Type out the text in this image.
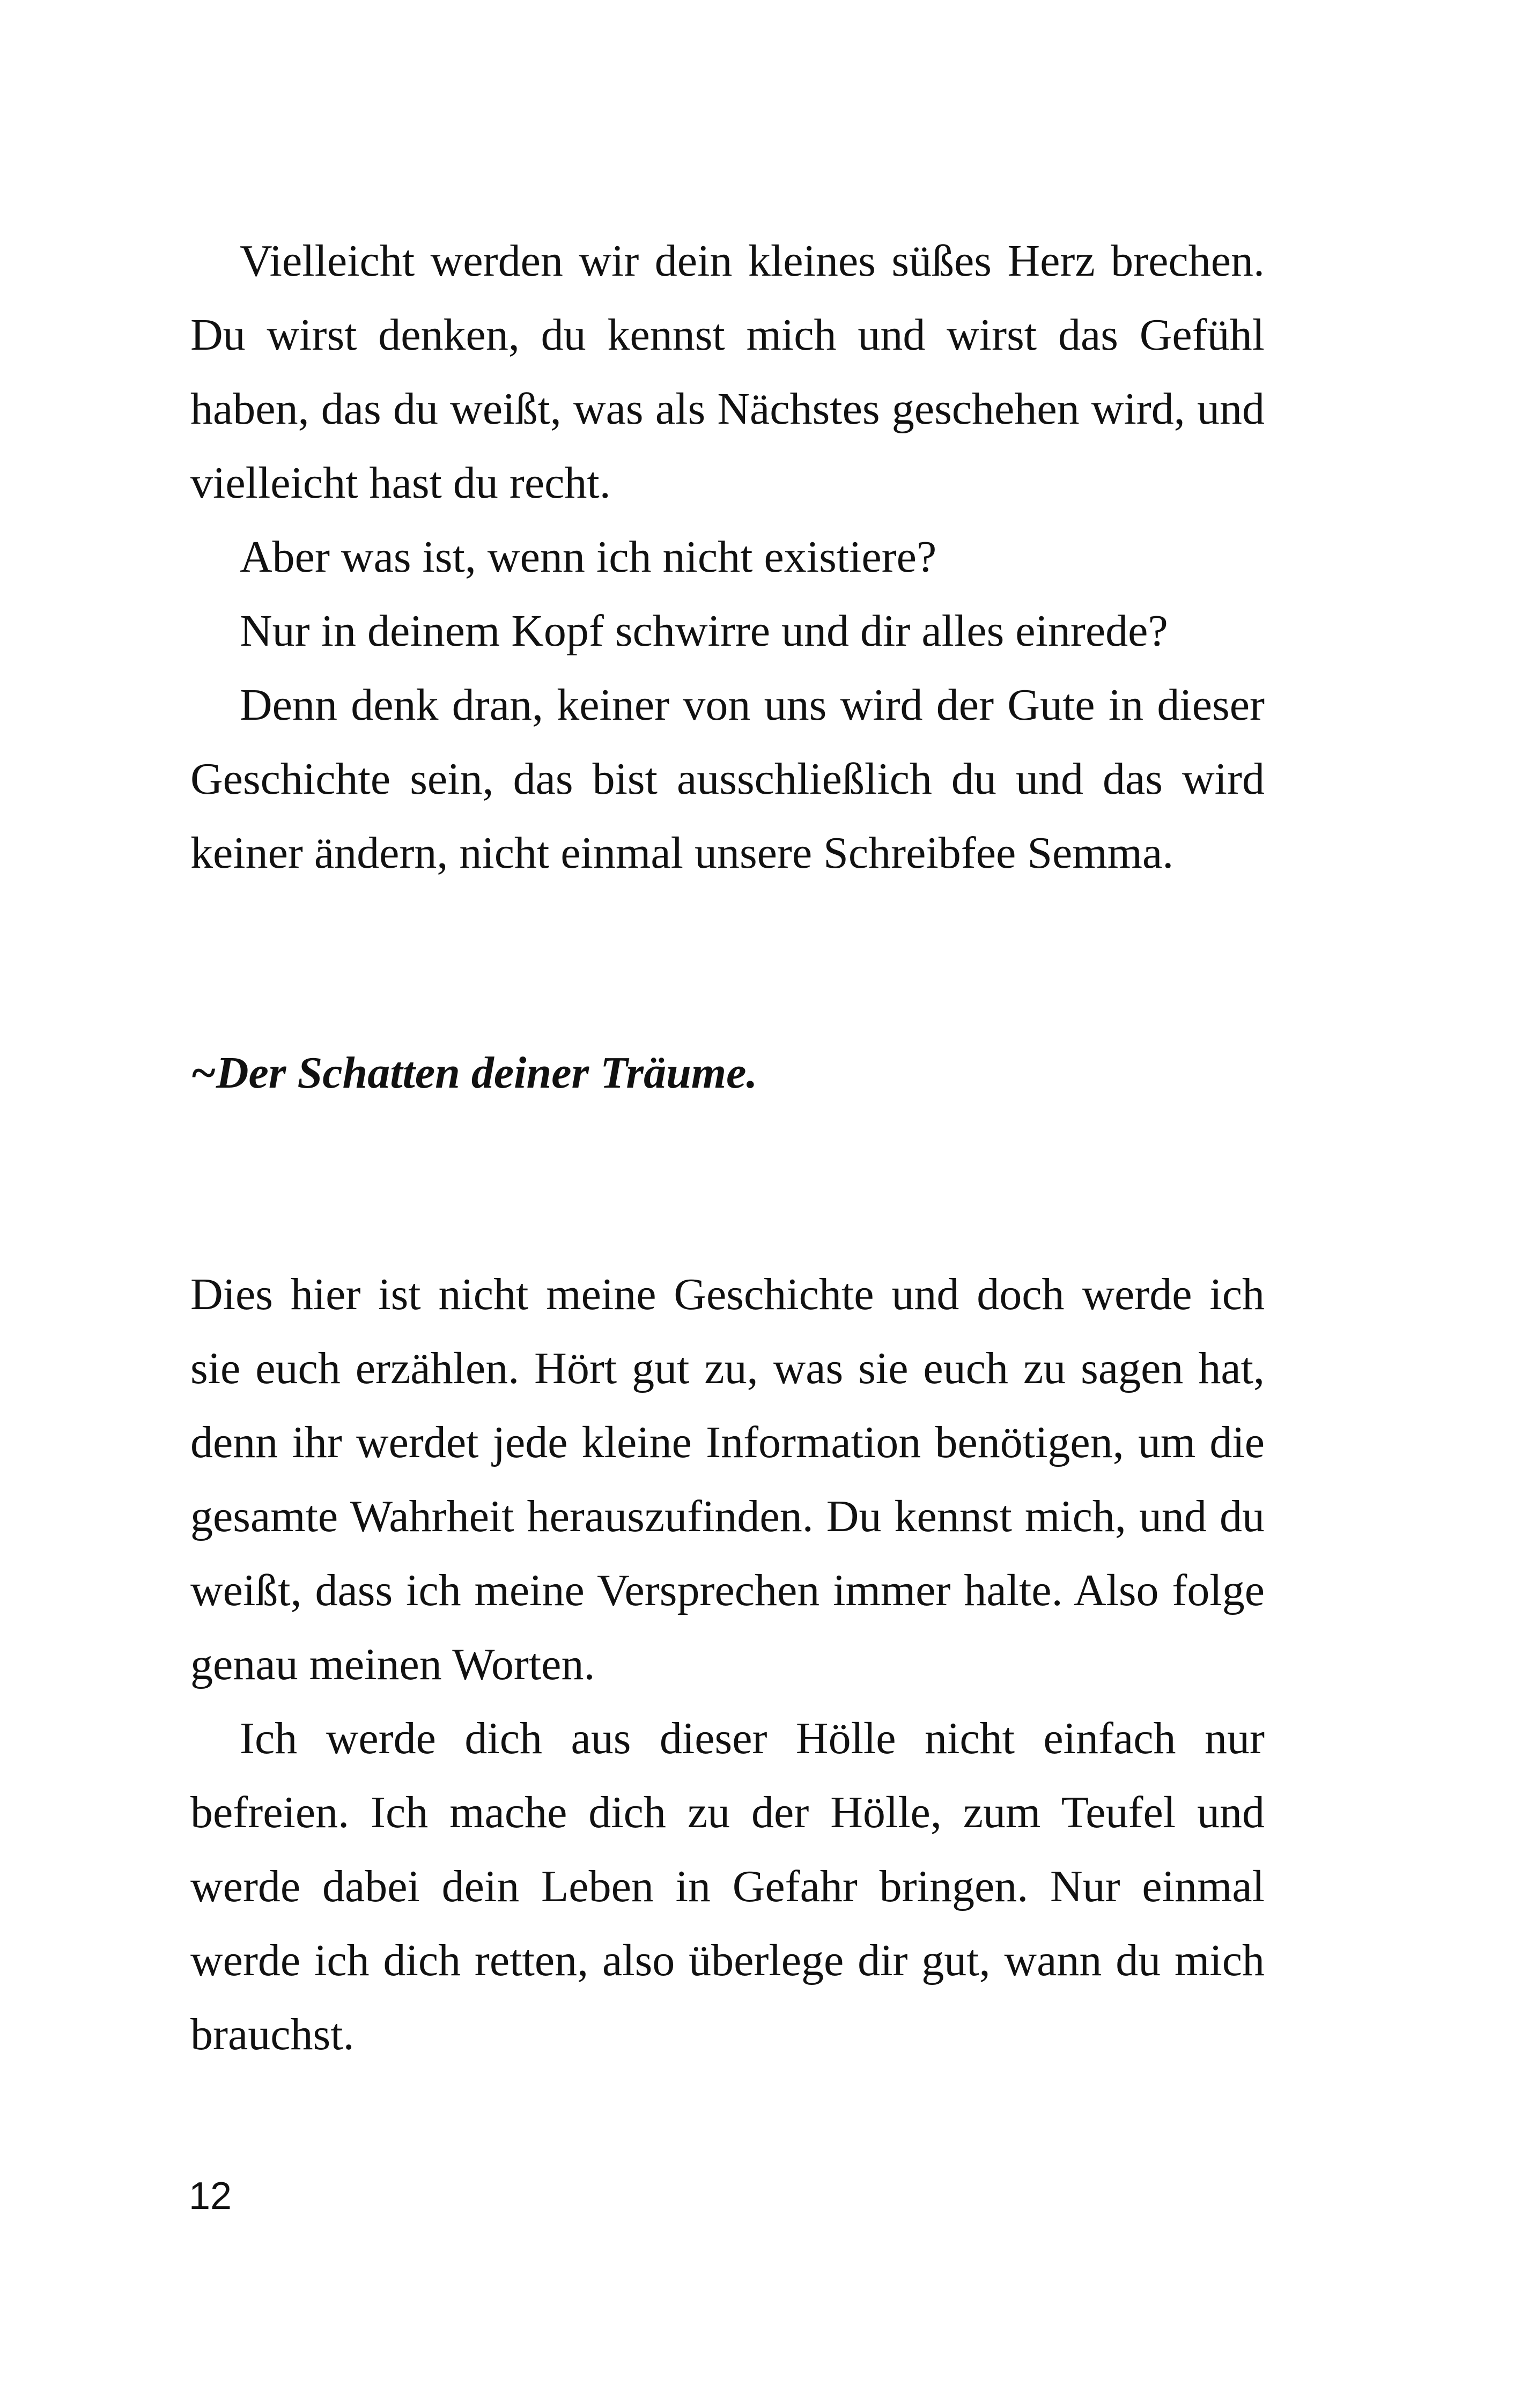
Vielleicht werden wir dein kleines süßes Herz brechen. Du wirst denken, du kennst mich und wirst das Gefühl haben, das du weißt, was als Nächstes geschehen wird, und vielleicht hast du recht.

Aber was ist, wenn ich nicht existiere?

Nur in deinem Kopf schwirre und dir alles einrede?

Denn denk dran, keiner von uns wird der Gute in dieser Geschichte sein, das bist ausschließlich du und das wird keiner ändern, nicht einmal unsere Schreibfee Semma.

~Der Schatten deiner Träume.

Dies hier ist nicht meine Geschichte und doch werde ich sie euch erzählen. Hört gut zu, was sie euch zu sagen hat, denn ihr werdet jede kleine Information benötigen, um die gesamte Wahrheit herauszufinden. Du kennst mich, und du weißt, dass ich meine Versprechen immer halte. Also folge genau meinen Worten.

Ich werde dich aus dieser Hölle nicht einfach nur befreien. Ich mache dich zu der Hölle, zum Teufel und werde dabei dein Leben in Gefahr bringen. Nur einmal werde ich dich retten, also überlege dir gut, wann du mich brauchst.

12
